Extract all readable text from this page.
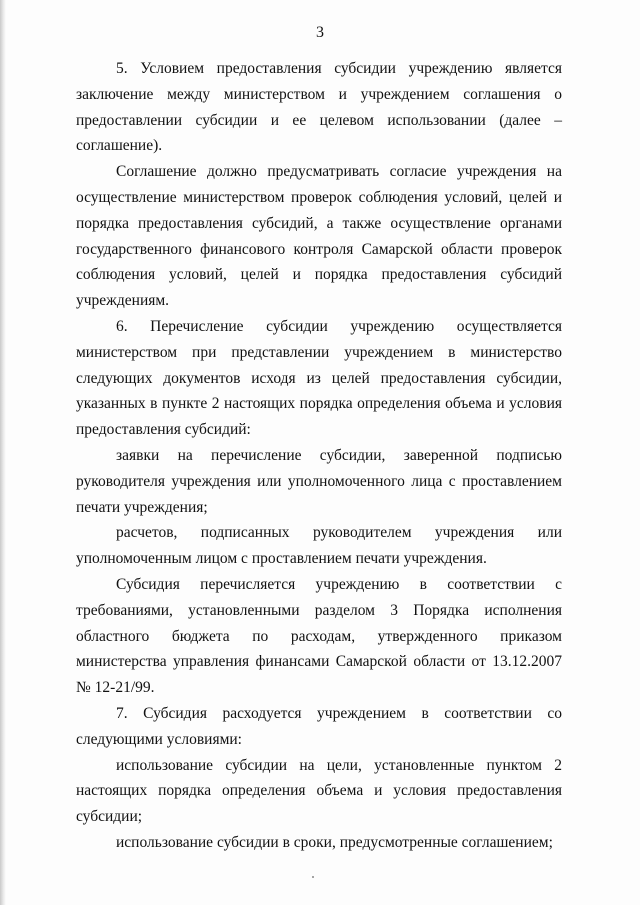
3

5. Условием предоставления субсидии учреждению является заключение между министерством и учреждением соглашения о предоставлении субсидии и ее целевом использовании (далее – соглашение).

Соглашение должно предусматривать согласие учреждения на осуществление министерством проверок соблюдения условий, целей и порядка предоставления субсидий, а также осуществление органами государственного финансового контроля Самарской области проверок соблюдения условий, целей и порядка предоставления субсидий учреждениям.

6. Перечисление субсидии учреждению осуществляется министерством при представлении учреждением в министерство следующих документов исходя из целей предоставления субсидии, указанных в пункте 2 настоящих порядка определения объема и условия предоставления субсидий:

заявки на перечисление субсидии, заверенной подписью руководителя учреждения или уполномоченного лица с проставлением печати учреждения;

расчетов, подписанных руководителем учреждения или уполномоченным лицом с проставлением печати учреждения.

Субсидия перечисляется учреждению в соответствии с требованиями, установленными разделом 3 Порядка исполнения областного бюджета по расходам, утвержденного приказом министерства управления финансами Самарской области от 13.12.2007 № 12-21/99.

7. Субсидия расходуется учреждением в соответствии со следующими условиями:

использование субсидии на цели, установленные пунктом 2 настоящих порядка определения объема и условия предоставления субсидии;

использование субсидии в сроки, предусмотренные соглашением;
